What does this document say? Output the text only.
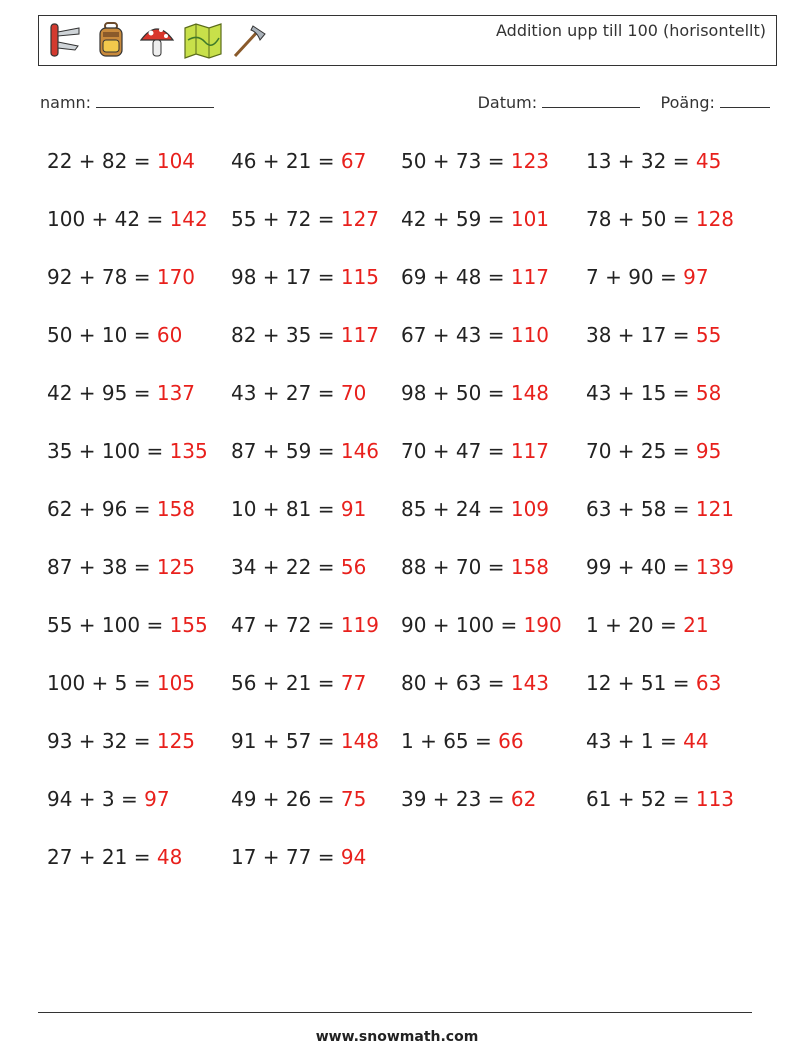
Addition upp till 100 (horisontellt)
namn:	Datum:	Poäng:
22 + 82 = 104 46 + 21 = 67 50 + 73 = 123 13 + 32 = 45
100 + 42 = 142 55 + 72 = 127 42 + 59 = 101 78 + 50 = 128
92 + 78 = 170 98 + 17 = 115 69 + 48 = 117 7 + 90 = 97
50 + 10 = 60 82 + 35 = 117 67 + 43 = 110 38 + 17 = 55
42 + 95 = 137 43 + 27 = 70 98 + 50 = 148 43 + 15 = 58
35 + 100 = 135 87 + 59 = 146 70 + 47 = 117 70 + 25 = 95
62 + 96 = 158 10 + 81 = 91 85 + 24 = 109 63 + 58 = 121
87 + 38 = 125 34 + 22 = 56 88 + 70 = 158 99 + 40 = 139
55 + 100 = 155 47 + 72 = 119 90 + 100 = 190 1 + 20 = 21
100 + 5 = 105 56 + 21 = 77 80 + 63 = 143 12 + 51 = 63
93 + 32 = 125 91 + 57 = 148 1 + 65 = 66	43 + 1 = 44
94 + 3 = 97	49 + 26 = 75 39 + 23 = 62 61 + 52 = 113
27 + 21 = 48 17 + 77 = 94
www.snowmath.com
